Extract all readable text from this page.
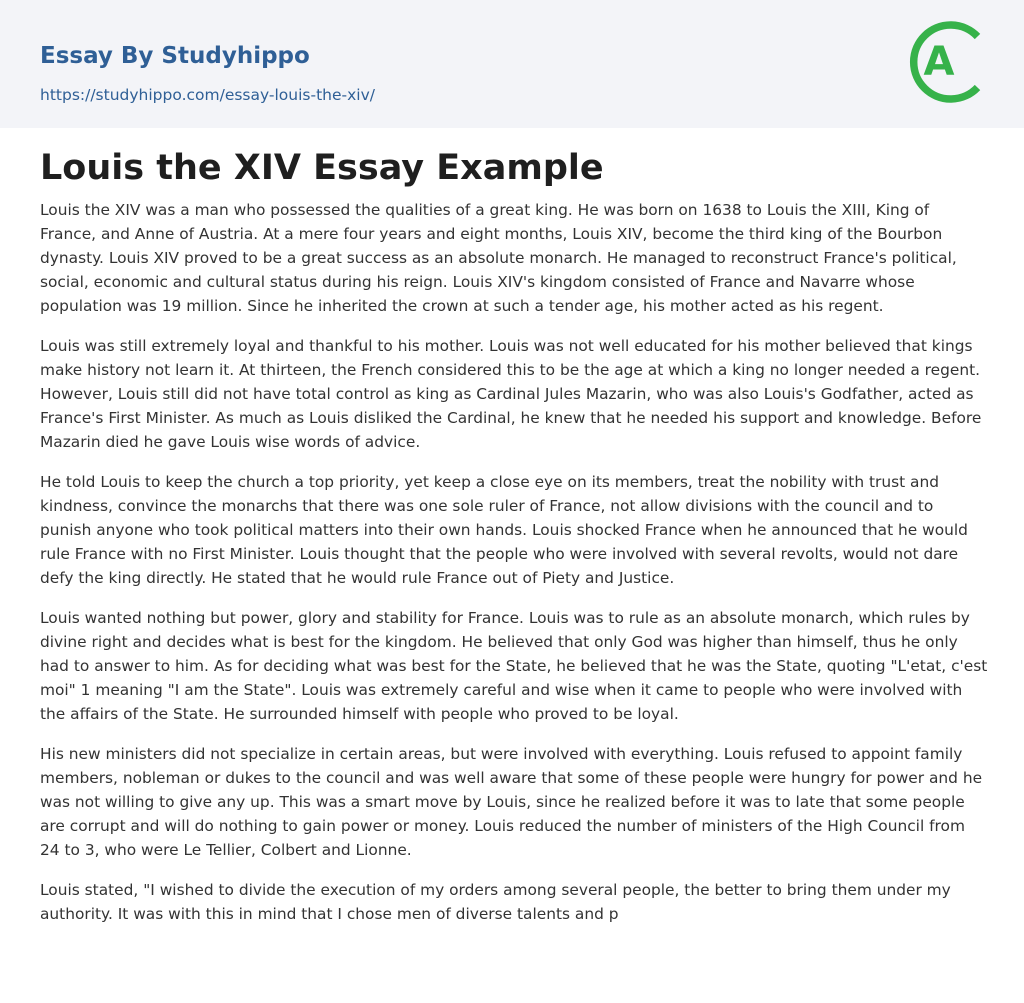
Essay By Studyhippo
https://studyhippo.com/essay-louis-the-xiv/
A
Louis the XIV Essay Example

Louis the XIV was a man who possessed the qualities of a great king. He was born on 1638 to Louis the XIII, King of France, and Anne of Austria. At a mere four years and eight months, Louis XIV, become the third king of the Bourbon dynasty. Louis XIV proved to be a great success as an absolute monarch. He managed to reconstruct France's political, social, economic and cultural status during his reign. Louis XIV's kingdom consisted of France and Navarre whose population was 19 million. Since he inherited the crown at such a tender age, his mother acted as his regent.

Louis was still extremely loyal and thankful to his mother. Louis was not well educated for his mother believed that kings make history not learn it. At thirteen, the French considered this to be the age at which a king no longer needed a regent. However, Louis still did not have total control as king as Cardinal Jules Mazarin, who was also Louis's Godfather, acted as France's First Minister. As much as Louis disliked the Cardinal, he knew that he needed his support and knowledge. Before Mazarin died he gave Louis wise words of advice.

He told Louis to keep the church a top priority, yet keep a close eye on its members, treat the nobility with trust and kindness, convince the monarchs that there was one sole ruler of France, not allow divisions with the council and to punish anyone who took political matters into their own hands. Louis shocked France when he announced that he would rule France with no First Minister. Louis thought that the people who were involved with several revolts, would not dare defy the king directly. He stated that he would rule France out of Piety and Justice.

Louis wanted nothing but power, glory and stability for France. Louis was to rule as an absolute monarch, which rules by divine right and decides what is best for the kingdom. He believed that only God was higher than himself, thus he only had to answer to him. As for deciding what was best for the State, he believed that he was the State, quoting "L'etat, c'est moi" 1 meaning "I am the State". Louis was extremely careful and wise when it came to people who were involved with the affairs of the State. He surrounded himself with people who proved to be loyal.

His new ministers did not specialize in certain areas, but were involved with everything. Louis refused to appoint family members, nobleman or dukes to the council and was well aware that some of these people were hungry for power and he was not willing to give any up. This was a smart move by Louis, since he realized before it was to late that some people are corrupt and will do nothing to gain power or money. Louis reduced the number of ministers of the High Council from 24 to 3, who were Le Tellier, Colbert and Lionne.

Louis stated, "I wished to divide the execution of my orders among several people, the better to bring them under my authority. It was with this in mind that I chose men of diverse talents and p
